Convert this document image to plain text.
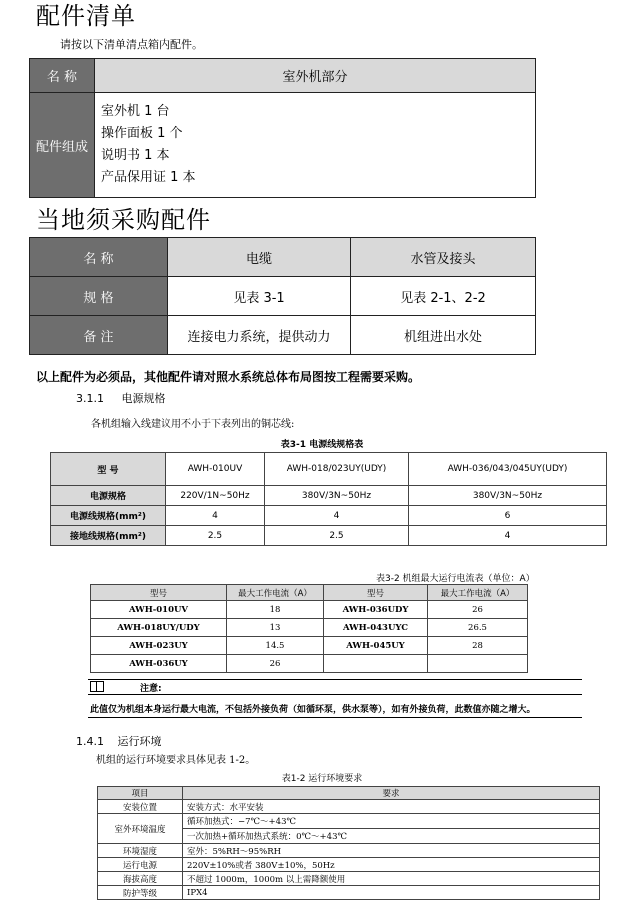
配件清单
请按以下清单清点箱内配件。
名 称	室外机部分
配件组成	室外机 1 台
操作面板 1 个
说明书 1 本
产品保用证 1 本
当地须采购配件
名 称	电缆	水管及接头
规 格	见表 3-1	见表 2-1、2-2
备 注	连接电力系统，提供动力	机组进出水处
以上配件为必须品，其他配件请对照水系统总体布局图按工程需要采购。
3.1.1 电源规格
各机组输入线建议用不小于下表列出的铜芯线:
表3-1 电源线规格表
型 号	AWH-010UV	AWH-018/023UY(UDY)	AWH-036/043/045UY(UDY)
电源规格	220V/1N~50Hz	380V/3N~50Hz	380V/3N~50Hz
电源线规格(mm²)	4	4	6
接地线规格(mm²)	2.5	2.5	4
表3-2 机组最大运行电流表（单位：A）
型号	最大工作电流（A）	型号	最大工作电流（A）
AWH-010UV	18	AWH-036UDY	26
AWH-018UY/UDY	13	AWH-043UYC	26.5
AWH-023UY	14.5	AWH-045UY	28
AWH-036UY	26		
注意:
此值仅为机组本身运行最大电流，不包括外接负荷（如循环泵，供水泵等），如有外接负荷，此数值亦随之增大。
1.4.1 运行环境
机组的运行环境要求具体见表 1-2。
表1-2 运行环境要求
项目	要求
安装位置	安装方式：水平安装
室外环境温度	循环加热式：−7℃～+43℃
	一次加热+循环加热式系统：0℃～+43℃
环境湿度	室外：5%RH～95%RH
运行电源	220V±10%或者 380V±10%，50Hz
海拔高度	不超过 1000m，1000m 以上需降额使用
防护等级	IPX4
